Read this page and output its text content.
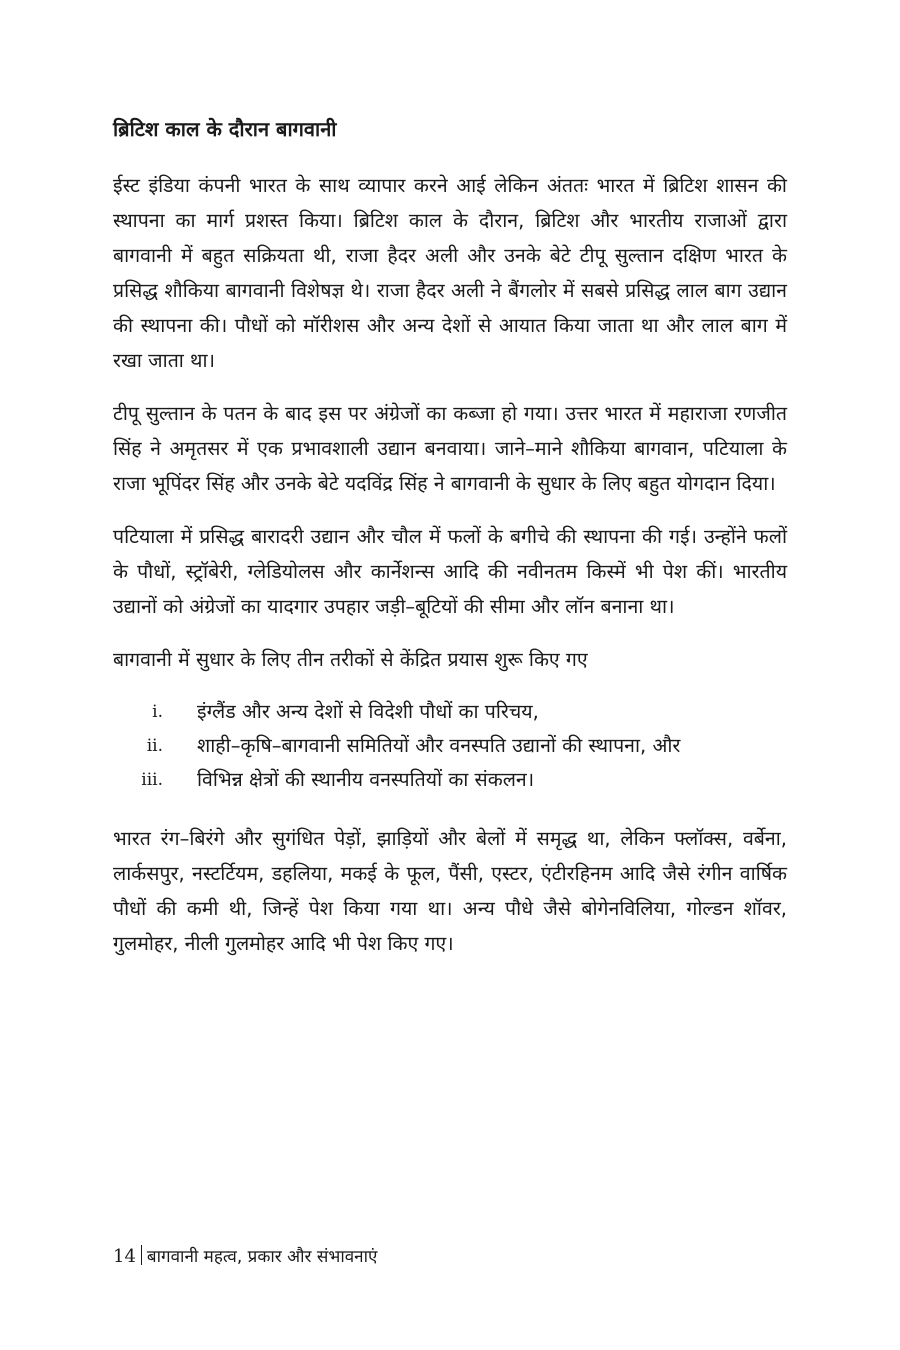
ब्रिटिश काल के दौरान बागवानी

ईस्ट इंडिया कंपनी भारत के साथ व्यापार करने आई लेकिन अंततः भारत में ब्रिटिश शासन की स्थापना का मार्ग प्रशस्त किया। ब्रिटिश काल के दौरान, ब्रिटिश और भारतीय राजाओं द्वारा बागवानी में बहुत सक्रियता थी, राजा हैदर अली और उनके बेटे टीपू सुल्तान दक्षिण भारत के प्रसिद्ध शौकिया बागवानी विशेषज्ञ थे। राजा हैदर अली ने बैंगलोर में सबसे प्रसिद्ध लाल बाग उद्यान की स्थापना की। पौधों को मॉरीशस और अन्य देशों से आयात किया जाता था और लाल बाग में रखा जाता था।

टीपू सुल्तान के पतन के बाद इस पर अंग्रेजों का कब्जा हो गया। उत्तर भारत में महाराजा रणजीत सिंह ने अमृतसर में एक प्रभावशाली उद्यान बनवाया। जाने–माने शौकिया बागवान, पटियाला के राजा भूपिंदर सिंह और उनके बेटे यदविंद्र सिंह ने बागवानी के सुधार के लिए बहुत योगदान दिया।

पटियाला में प्रसिद्ध बारादरी उद्यान और चौल में फलों के बगीचे की स्थापना की गई। उन्होंने फलों के पौधों, स्ट्रॉबेरी, ग्लेडियोलस और कार्नेशन्स आदि की नवीनतम किस्में भी पेश कीं। भारतीय उद्यानों को अंग्रेजों का यादगार उपहार जड़ी–बूटियों की सीमा और लॉन बनाना था।

बागवानी में सुधार के लिए तीन तरीकों से केंद्रित प्रयास शुरू किए गए

i.	इंग्लैंड और अन्य देशों से विदेशी पौधों का परिचय,
ii.	शाही–कृषि–बागवानी समितियों और वनस्पति उद्यानों की स्थापना, और
iii.	विभिन्न क्षेत्रों की स्थानीय वनस्पतियों का संकलन।

भारत रंग–बिरंगे और सुगंधित पेड़ों, झाड़ियों और बेलों में समृद्ध था, लेकिन फ्लॉक्स, वर्बेना, लार्कसपुर, नस्टर्टियम, डहलिया, मकई के फूल, पैंसी, एस्टर, एंटीरहिनम आदि जैसे रंगीन वार्षिक पौधों की कमी थी, जिन्हें पेश किया गया था। अन्य पौधे जैसे बोगेनविलिया, गोल्डन शॉवर, गुलमोहर, नीली गुलमोहर आदि भी पेश किए गए।

14 बागवानी महत्व, प्रकार और संभावनाएं
